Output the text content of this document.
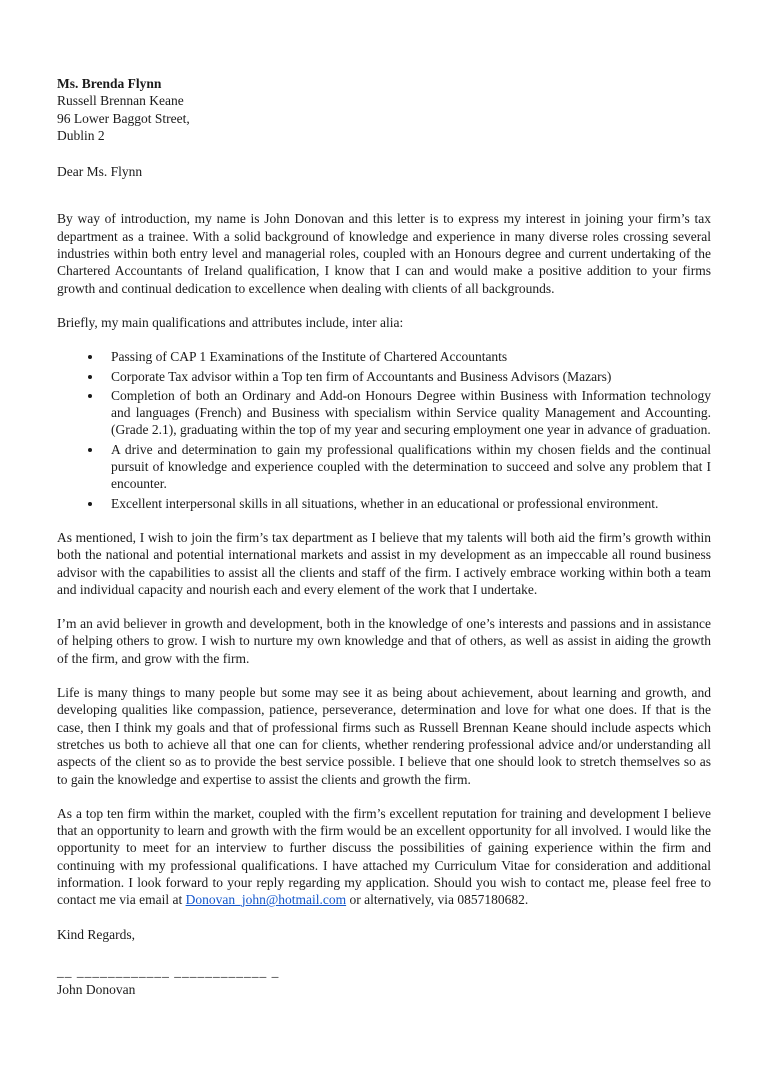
Ms. Brenda Flynn
Russell Brennan Keane
96 Lower Baggot Street,
Dublin 2

Dear Ms. Flynn

By way of introduction, my name is John Donovan and this letter is to express my interest in joining your firm’s tax department as a trainee. With a solid background of knowledge and experience in many diverse roles crossing several industries within both entry level and managerial roles, coupled with an Honours degree and current undertaking of the Chartered Accountants of Ireland qualification, I know that I can and would make a positive addition to your firms growth and continual dedication to excellence when dealing with clients of all backgrounds.

Briefly, my main qualifications and attributes include, inter alia:

• Passing of CAP 1 Examinations of the Institute of Chartered Accountants
• Corporate Tax advisor within a Top ten firm of Accountants and Business Advisors (Mazars)
• Completion of both an Ordinary and Add-on Honours Degree within Business with Information technology and languages (French) and Business with specialism within Service quality Management and Accounting. (Grade 2.1), graduating within the top of my year and securing employment one year in advance of graduation.
• A drive and determination to gain my professional qualifications within my chosen fields and the continual pursuit of knowledge and experience coupled with the determination to succeed and solve any problem that I encounter.
• Excellent interpersonal skills in all situations, whether in an educational or professional environment.

As mentioned, I wish to join the firm’s tax department as I believe that my talents will both aid the firm’s growth within both the national and potential international markets and assist in my development as an impeccable all round business advisor with the capabilities to assist all the clients and staff of the firm. I actively embrace working within both a team and individual capacity and nourish each and every element of the work that I undertake.

I’m an avid believer in growth and development, both in the knowledge of one’s interests and passions and in assistance of helping others to grow. I wish to nurture my own knowledge and that of others, as well as assist in aiding the growth of the firm, and grow with the firm.

Life is many things to many people but some may see it as being about achievement, about learning and growth, and developing qualities like compassion, patience, perseverance, determination and love for what one does. If that is the case, then I think my goals and that of professional firms such as Russell Brennan Keane should include aspects which stretches us both to achieve all that one can for clients, whether rendering professional advice and/or understanding all aspects of the client so as to provide the best service possible. I believe that one should look to stretch themselves so as to gain the knowledge and expertise to assist the clients and growth the firm.

As a top ten firm within the market, coupled with the firm’s excellent reputation for training and development I believe that an opportunity to learn and growth with the firm would be an excellent opportunity for all involved. I would like the opportunity to meet for an interview to further discuss the possibilities of gaining experience within the firm and continuing with my professional qualifications. I have attached my Curriculum Vitae for consideration and additional information. I look forward to your reply regarding my application. Should you wish to contact me, please feel free to contact me via email at Donovan_john@hotmail.com or alternatively, via 0857180682.

Kind Regards,

__ ____________ ____________ _
John Donovan
